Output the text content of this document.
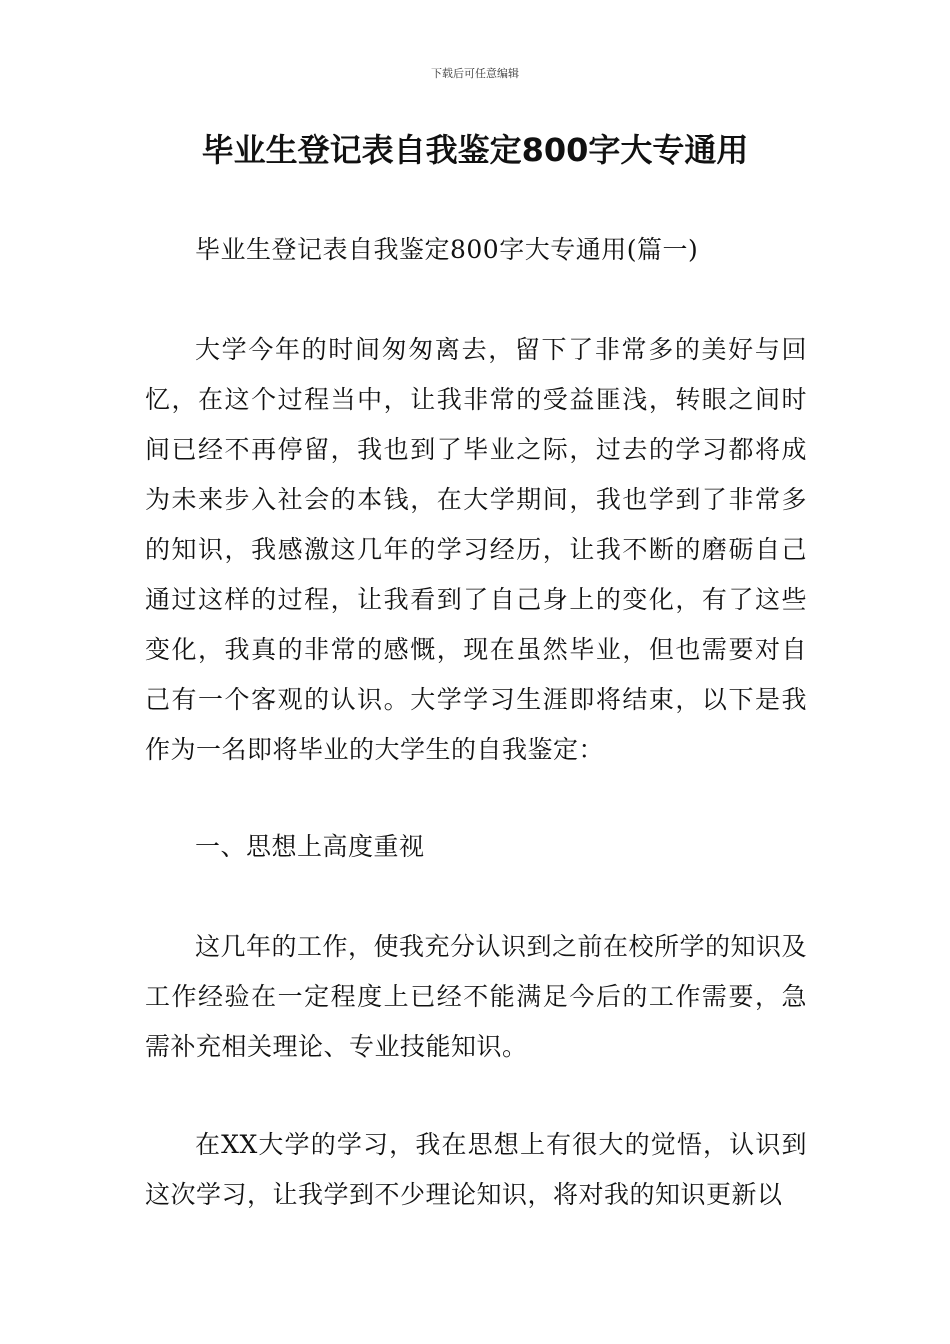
下载后可任意编辑
毕业生登记表自我鉴定800字大专通用

毕业生登记表自我鉴定800字大专通用(篇一)

大学今年的时间匆匆离去，留下了非常多的美好与回忆，在这个过程当中，让我非常的受益匪浅，转眼之间时间已经不再停留，我也到了毕业之际，过去的学习都将成为未来步入社会的本钱，在大学期间，我也学到了非常多的知识，我感激这几年的学习经历，让我不断的磨砺自己通过这样的过程，让我看到了自己身上的变化，有了这些变化，我真的非常的感慨，现在虽然毕业，但也需要对自己有一个客观的认识。大学学习生涯即将结束，以下是我作为一名即将毕业的大学生的自我鉴定：

一、思想上高度重视

这几年的工作，使我充分认识到之前在校所学的知识及工作经验在一定程度上已经不能满足今后的工作需要，急需补充相关理论、专业技能知识。

在XX大学的学习，我在思想上有很大的觉悟，认识到这次学习，让我学到不少理论知识，将对我的知识更新以
